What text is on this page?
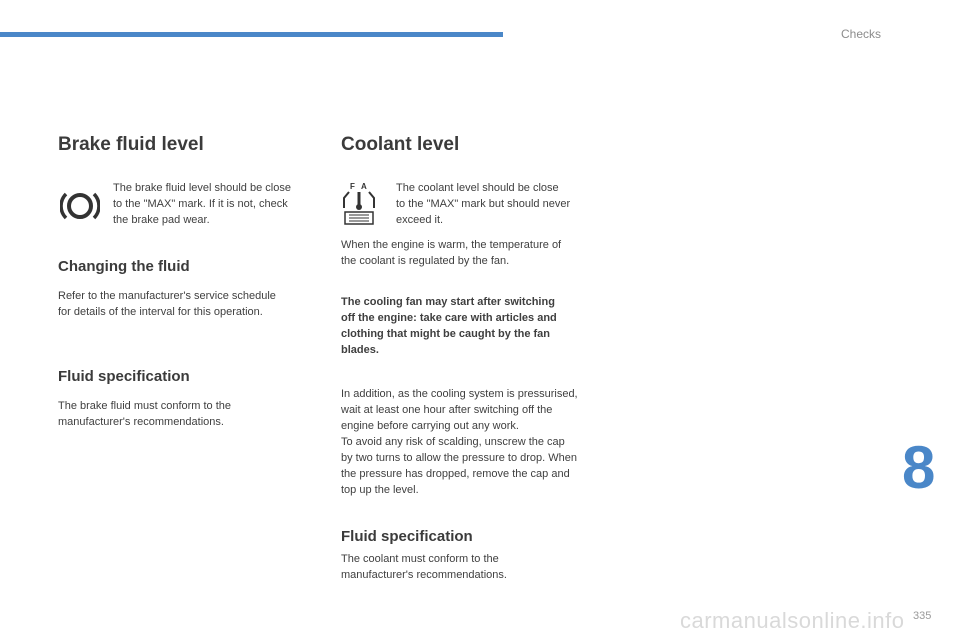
Checks
Brake fluid level

The brake fluid level should be close

to the "MAX" mark. If it is not, check

the brake pad wear.

Changing the fluid

Refer to the manufacturer's service schedule

for details of the interval for this operation.

Fluid specification

The brake fluid must conform to the

manufacturer's recommendations.

Coolant level
F A	The coolant level should be close

to the "MAX" mark but should never

exceed it.

When the engine is warm, the temperature of

the coolant is regulated by the fan.

The cooling fan may start after switching

off the engine: take care with articles and

clothing that might be caught by the fan

blades.

In addition, as the cooling system is pressurised,

wait at least one hour after switching off the

engine before carrying out any work.

To avoid any risk of scalding, unscrew the cap

by two turns to allow the pressure to drop. When

the pressure has dropped, remove the cap and

top up the level.

Fluid specification

The coolant must conform to the

manufacturer's recommendations.

8
carmanualsonline.info 335
